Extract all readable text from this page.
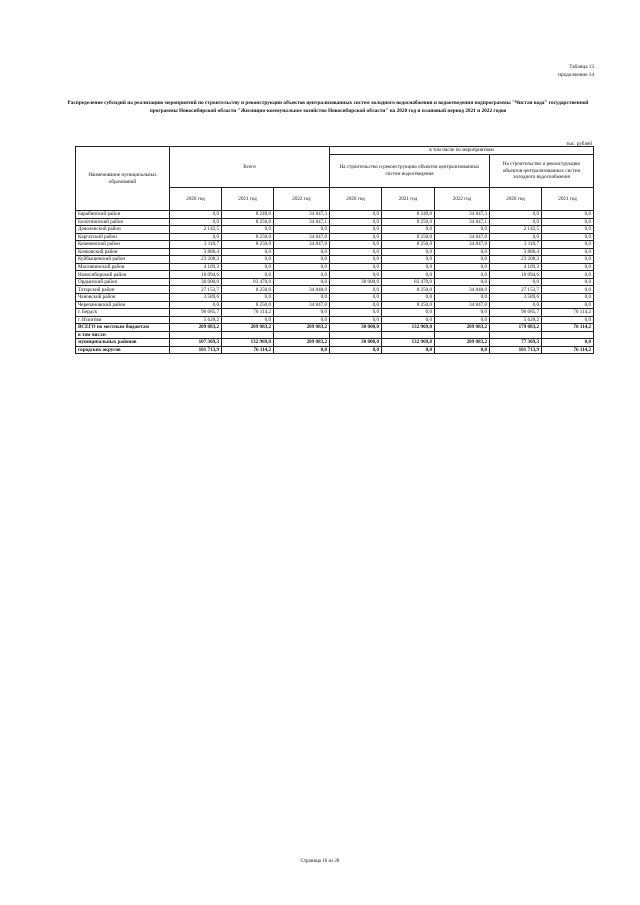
Таблица 13
продолжение 14
Распределение субсидий на реализацию мероприятий по строительству и реконструкции объектов централизованных систем холодного водоснабжения и водоотведения подпрограммы "Чистая вода" государственной программы Новосибирской области "Жилищно-коммунальное хозяйство Новосибирской области" на 2020 год и плановый период 2021 и 2022 годов
тыс. рублей
Наименование муниципальных образований	Всего			в том числе по мероприятиям				
				На строительство и реконструкцию объектов централизованных систем водоотведения			На строительство и реконструкцию объектов централизованных систем холодного водоснабжения	
	2020 год	2021 год	2022 год	2020 год	2021 год	2022 год	2020 год	2021 год
Барабинский район	0,0	8 249,0	34 847,3	0,0	8 249,0	34 847,3	0,0	0,0
Болотнинский район	0,0	8 250,0	34 847,1	0,0	8 250,0	34 847,1	0,0	0,0
Доволенский район	2 142,5	0,0	0,0	0,0	0,0	0,0	2 142,5	0,0
Каргатский район	0,0	8 250,0	34 847,0	0,0	8 250,0	34 847,0	0,0	0,0
Коченевский район	3 110,7	8 250,0	34 847,0	0,0	8 250,0	34 847,0	3 110,7	0,0
Кочковский район	3 880,4	0,0	0,0	0,0	0,0	0,0	3 880,4	0,0
Куйбышевский район	23 208,3	0,0	0,0	0,0	0,0	0,0	23 208,3	0,0
Маслянинский район	4 189,3	0,0	0,0	0,0	0,0	0,0	4 189,3	0,0
Новосибирский район	10 094,6	0,0	0,0	0,0	0,0	0,0	10 094,6	0,0
Ордынский район	30 000,0	83 470,0	0,0	30 000,0	83 470,0	0,0	0,0	0,0
Татарский район	27 153,7	8 250,0	34 848,0	0,0	8 250,0	34 848,0	27 153,7	0,0
Чановский район	3 589,6	0,0	0,0	0,0	0,0	0,0	3 589,6	0,0
Черепановский район	0,0	8 250,0	34 847,0	0,0	8 250,0	34 847,0	0,0	0,0
г. Бердск	96 085,7	76 114,2	0,0	0,0	0,0	0,0	96 085,7	76 114,2
г. Искитим	5 628,2	0,0	0,0	0,0	0,0	0,0	5 628,2	0,0
ВСЕГО по местным бюджетам	209 083,2	209 083,2	209 083,2	30 000,0	132 969,0	209 083,2	179 083,2	76 114,2
в том числе:								
муниципальных районов	107 369,3	132 969,0	209 083,2	30 000,0	132 969,0	209 083,2	77 369,3	0,0
городских округов	101 713,9	76 114,2	0,0	0,0	0,0	0,0	101 713,9	76 114,2
Страница 16 из 28
